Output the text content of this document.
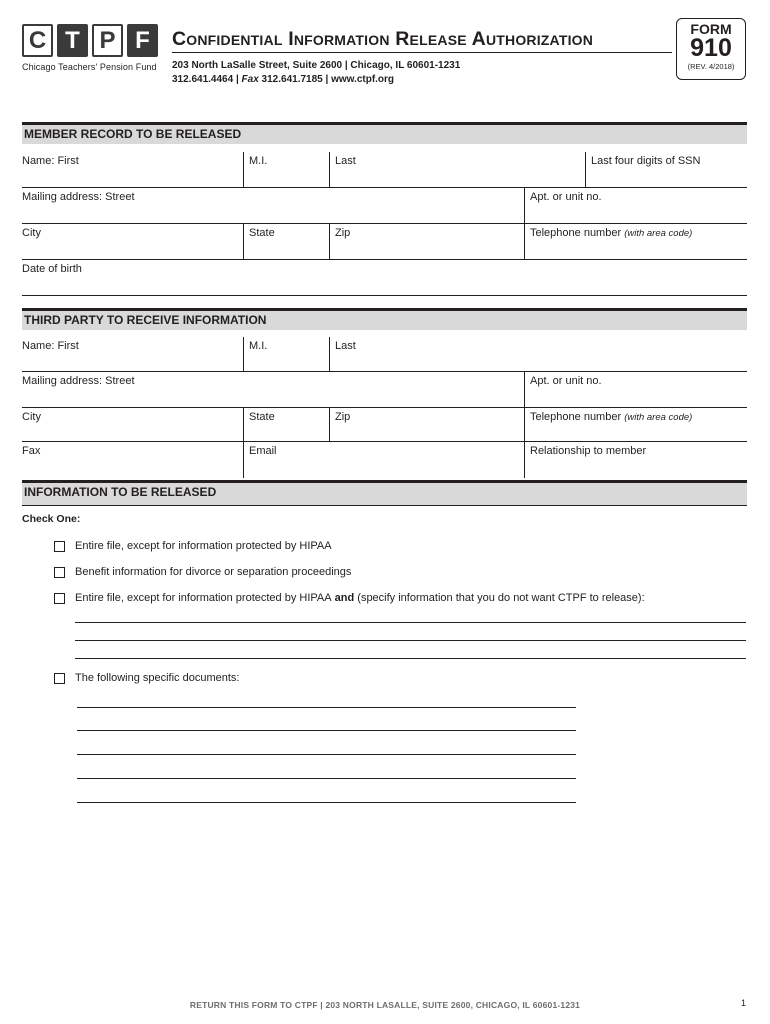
C T P F
Chicago Teachers' Pension Fund
Confidential Information Release Authorization
203 North LaSalle Street, Suite 2600 | Chicago, IL 60601-1231
312.641.4464 | Fax 312.641.7185 | www.ctpf.org
FORM
910
(REV. 4/2018)
MEMBER RECORD TO BE RELEASED
Name: First	M.I.	Last	Last four digits of SSN
Mailing address: Street	Apt. or unit no.
City	State	Zip	Telephone number (with area code)
Date of birth
THIRD PARTY TO RECEIVE INFORMATION
Name: First	M.I.	Last
Mailing address: Street	Apt. or unit no.
City	State	Zip	Telephone number (with area code)
Fax	Email	Relationship to member
INFORMATION TO BE RELEASED
Check One:
Entire file, except for information protected by HIPAA
Benefit information for divorce or separation proceedings
Entire file, except for information protected by HIPAA
and
(specify information that you do not want CTPF to release):
The following specific documents:
RETURN THIS FORM TO CTPF | 203 NORTH LASALLE, SUITE 2600, CHICAGO, IL 60601-1231	1
